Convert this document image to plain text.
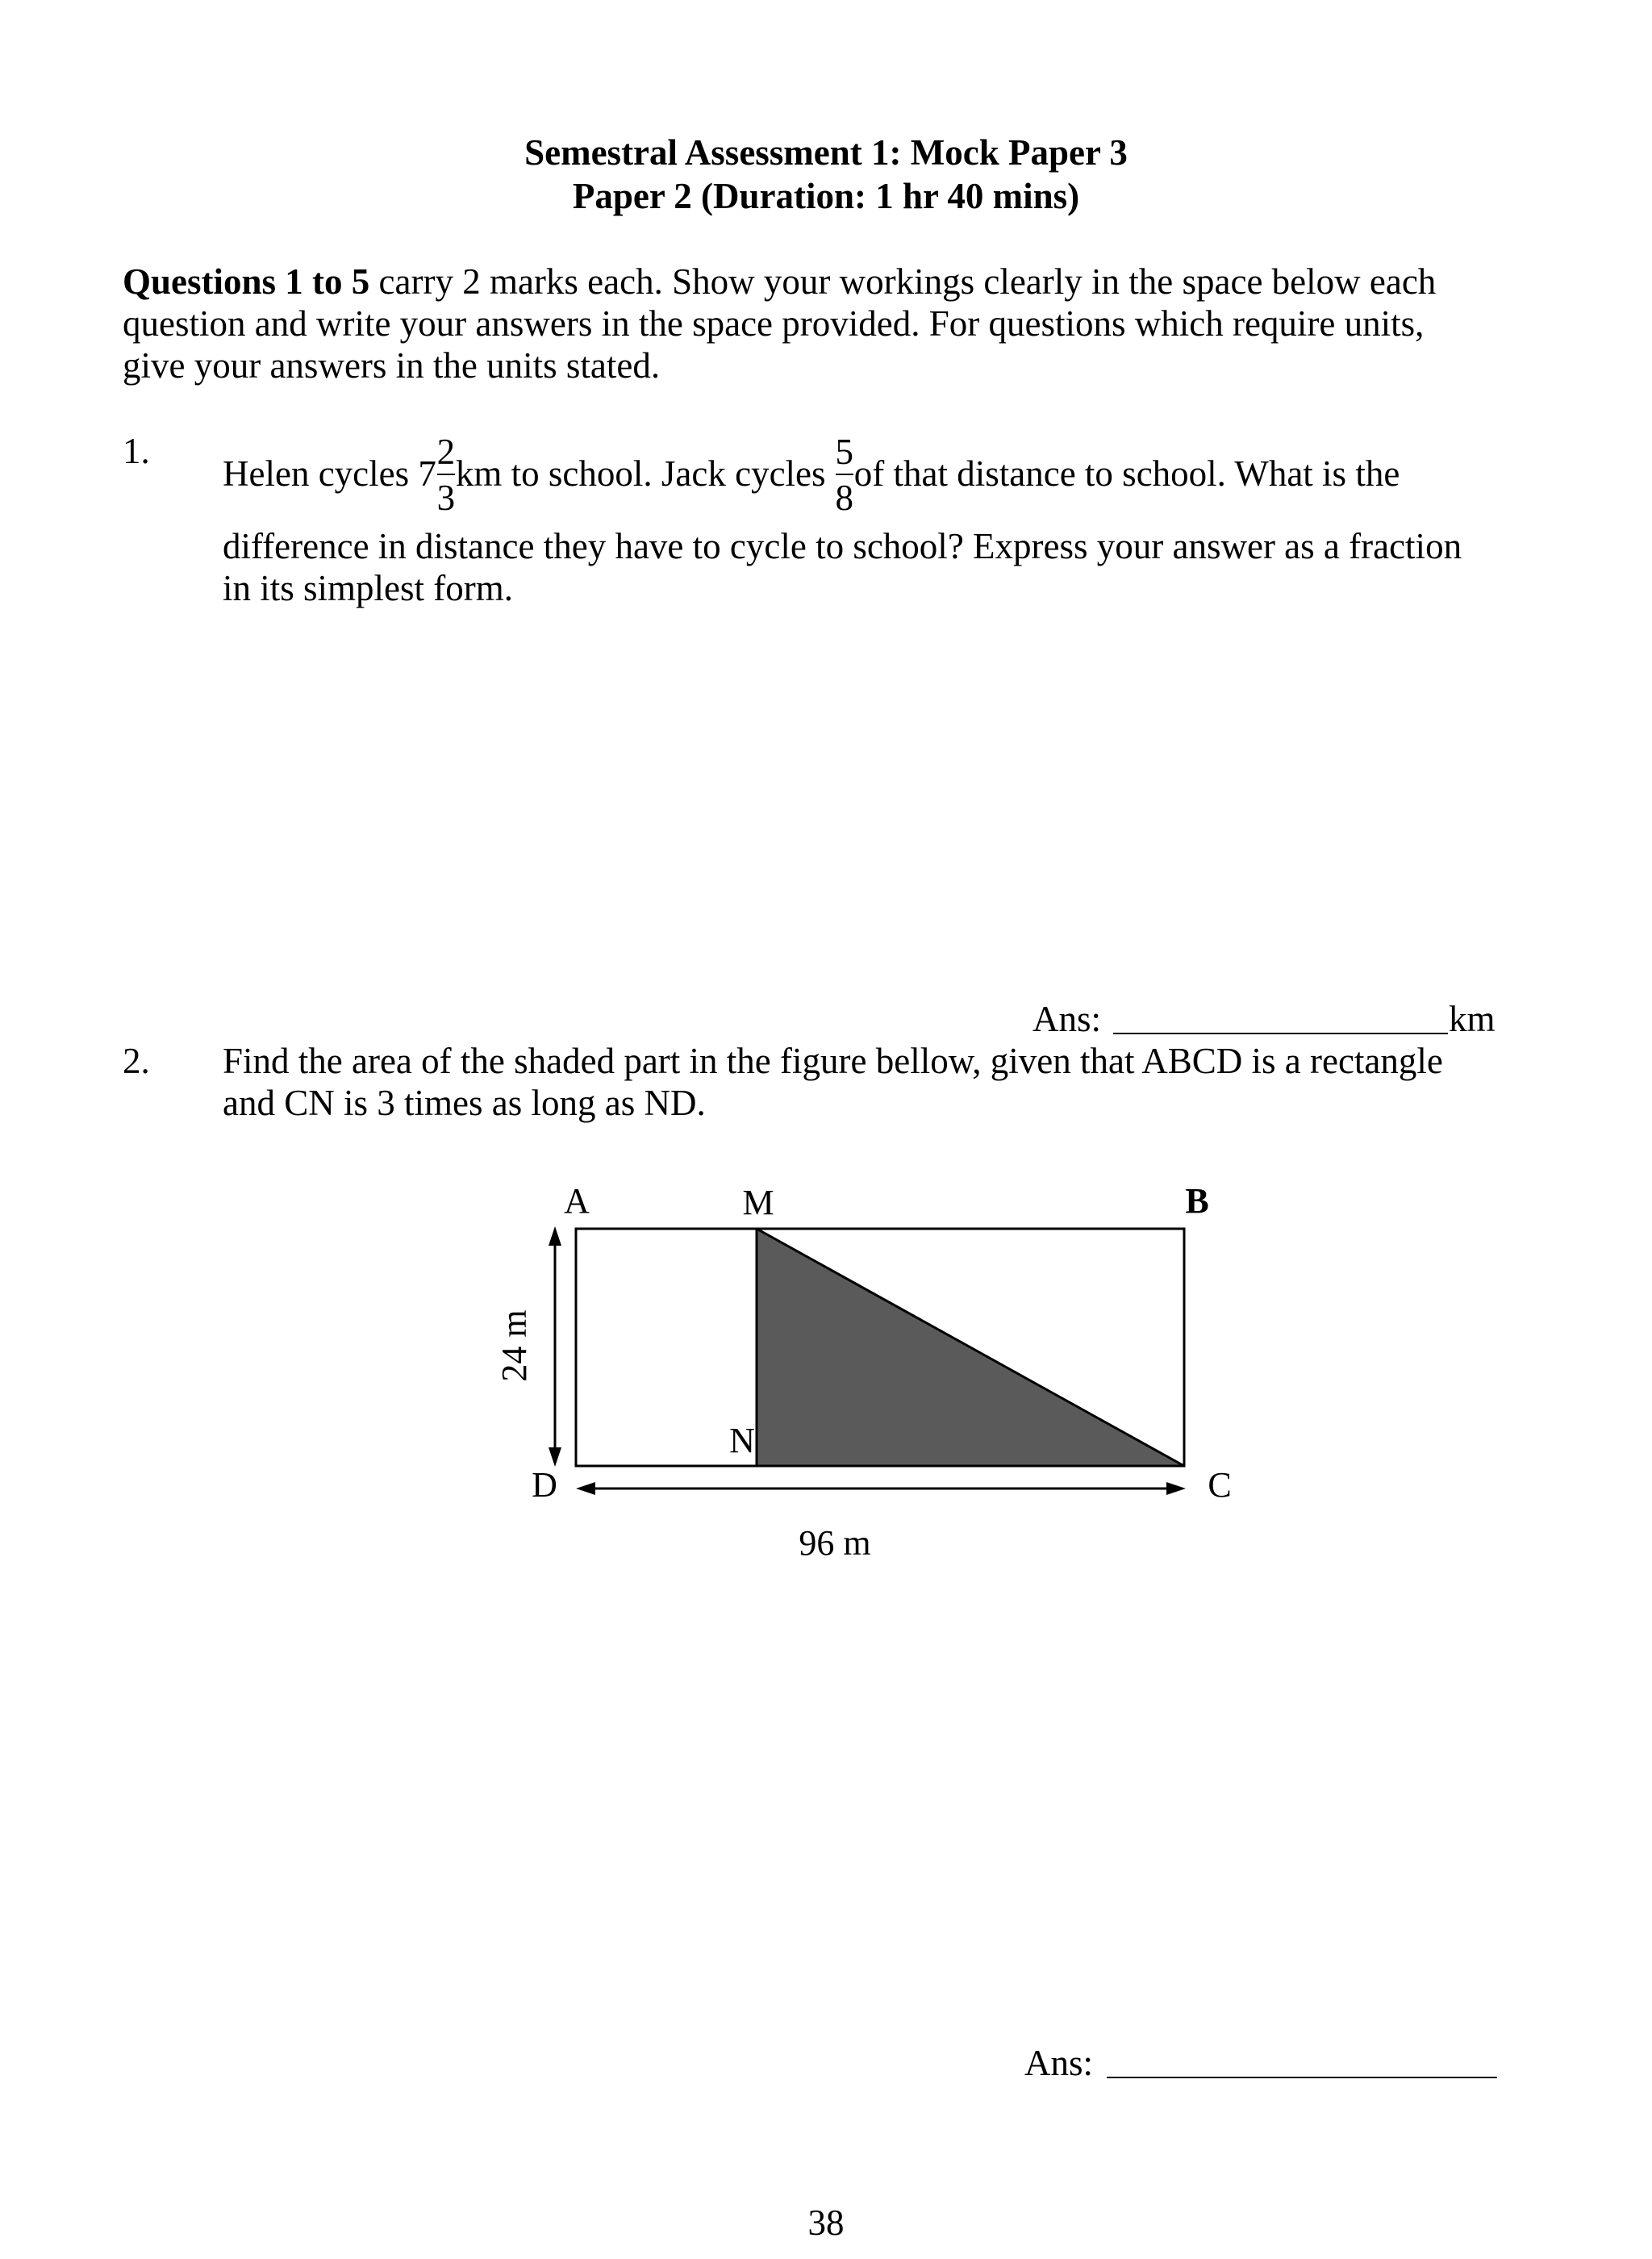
Semestral Assessment 1: Mock Paper 3
Paper 2 (Duration: 1 hr 40 mins)
Questions 1 to 5 carry 2 marks each. Show your workings clearly in the space below each
question and write your answers in the space provided. For questions which require units,
give your answers in the units stated.
1.
Helen cycles $7 \frac{2}{3}$ km to school. Jack cycles $\frac{5}{8}$ of that distance to school. What is the
difference in distance they have to cycle to school? Express your answer as a fraction
in its simplest form.
Ans:	km
2. Find the area of the shaded part in the figure bellow, given that ABCD is a rectangle
and CN is 3 times as long as ND.
A	M	B
N
D	C
24 m
96 m
Ans:
38
